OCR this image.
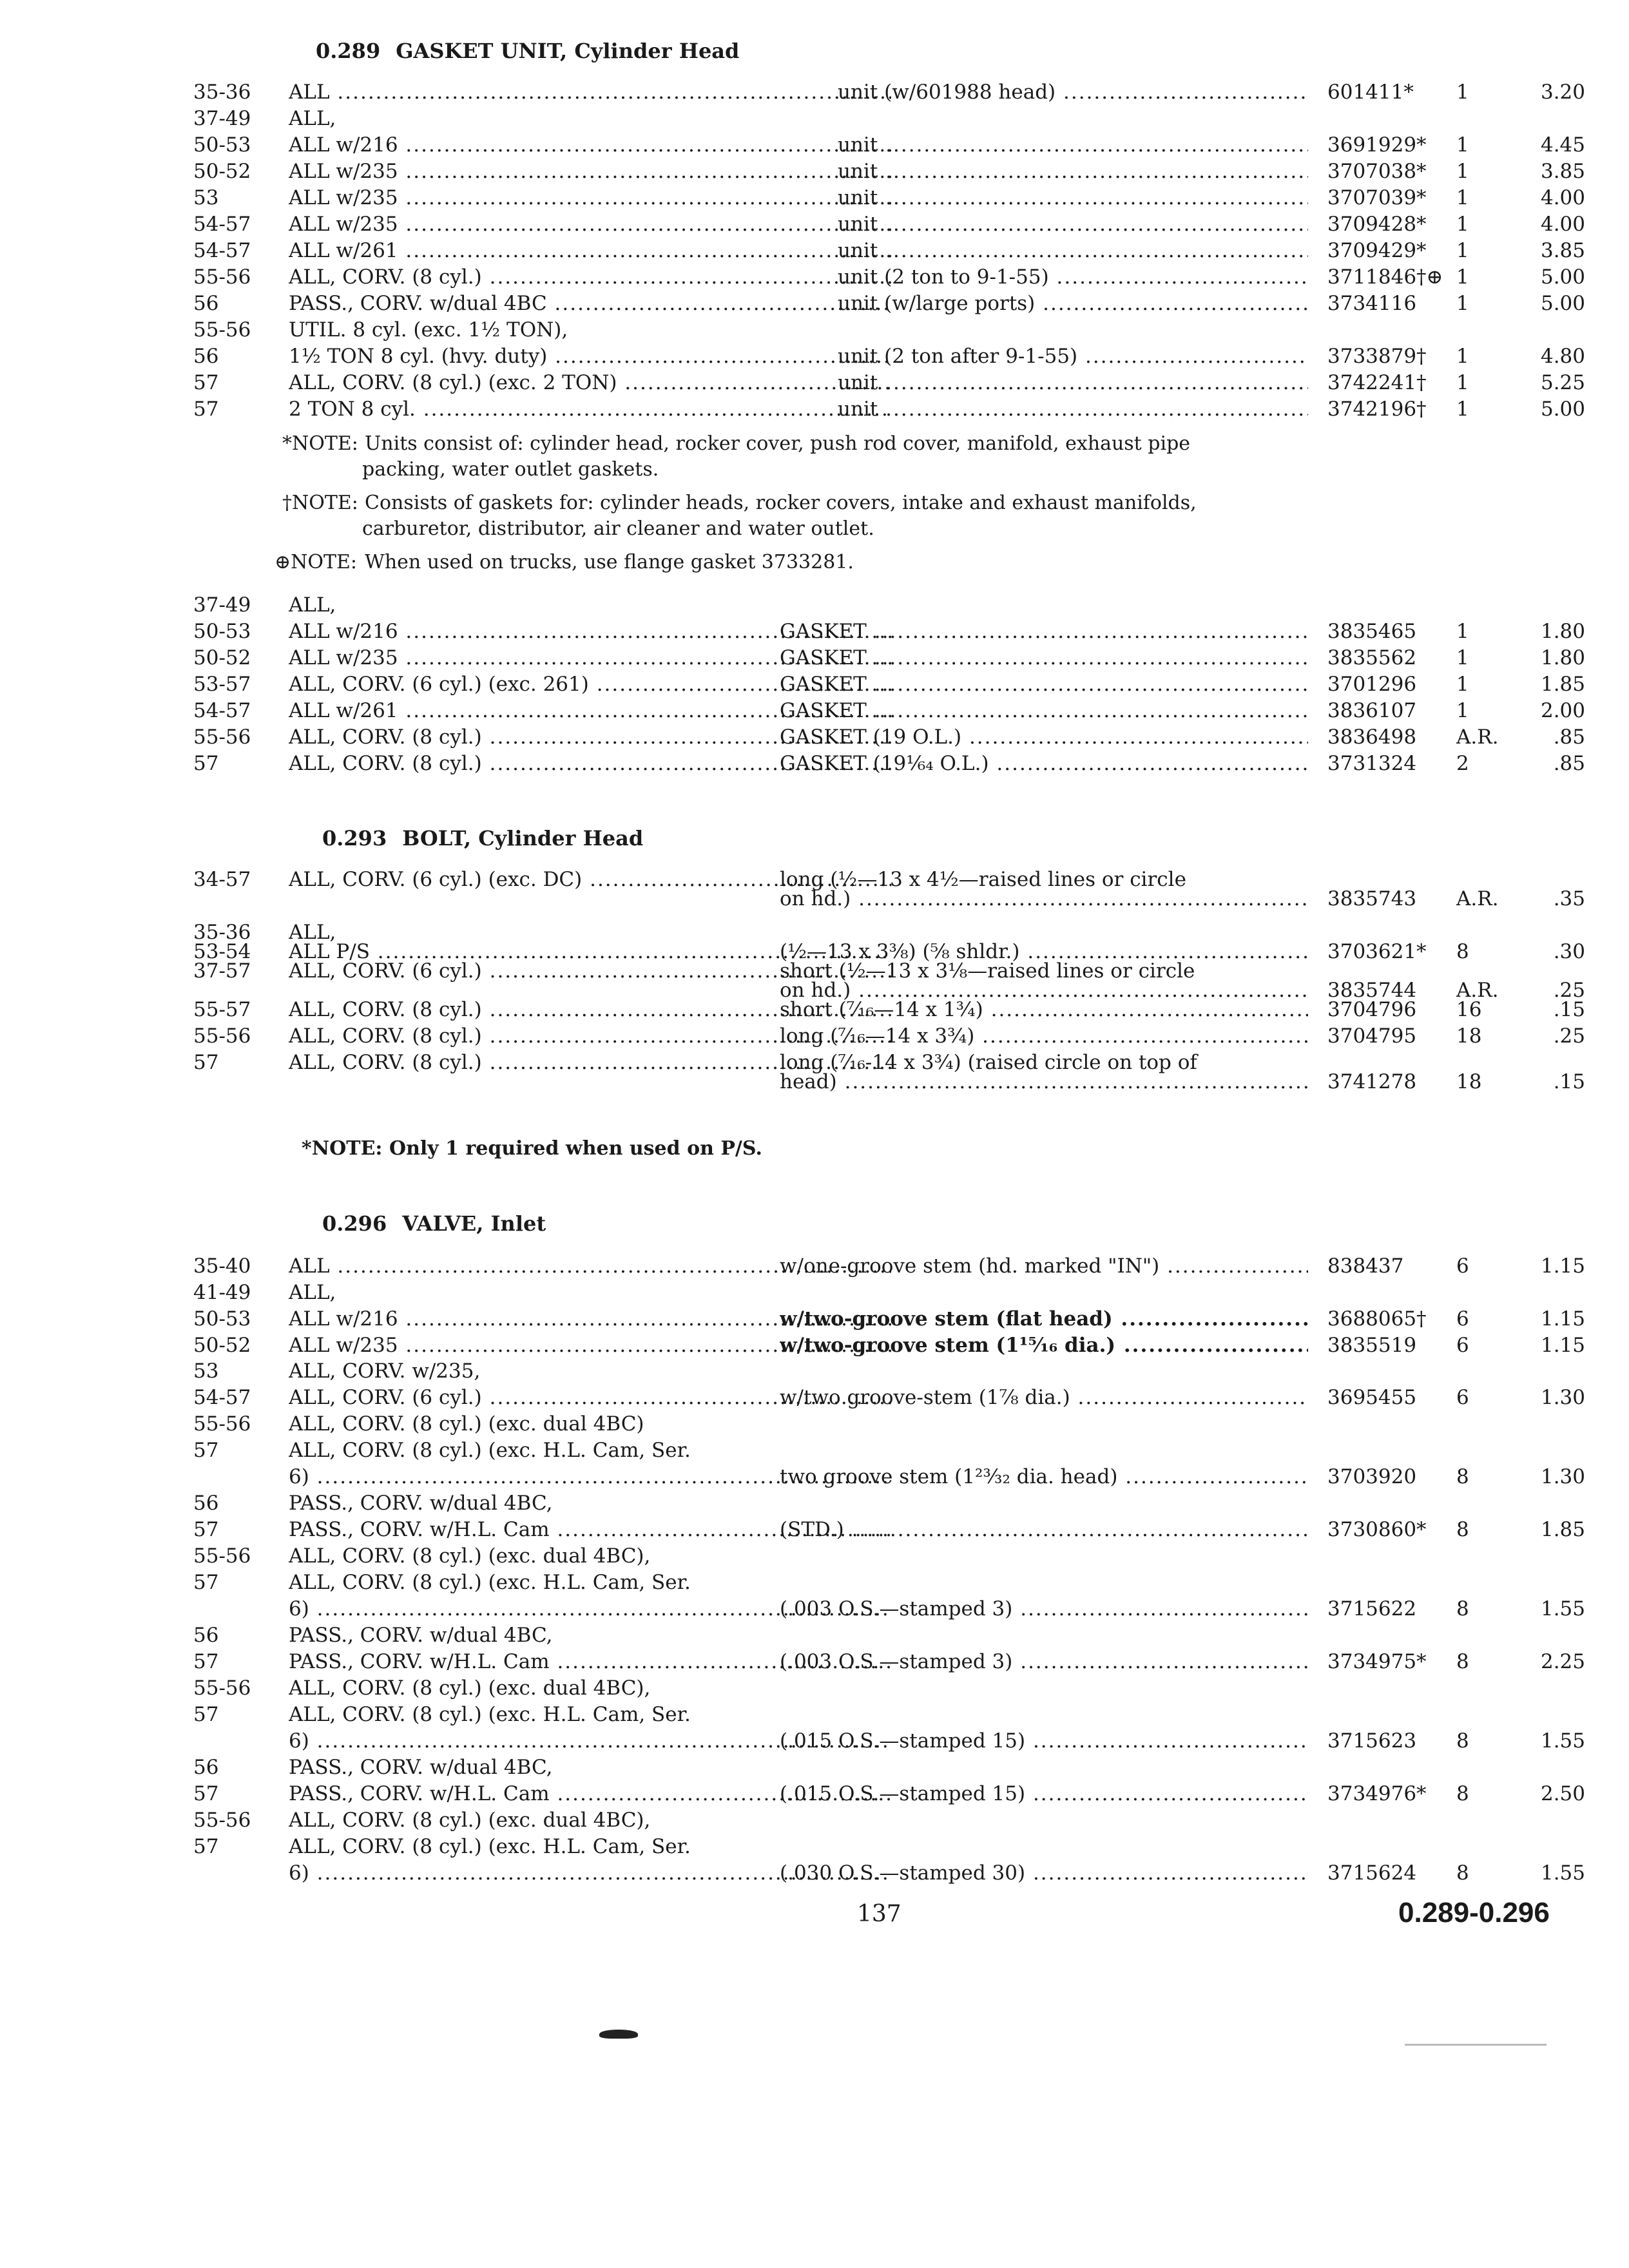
0.289 GASKET UNIT, Cylinder Head
35-36	ALL .....	unit (w/601988 head) .....	601411*	1	3.20
37-49	ALL,
50-53	ALL w/216 .....	unit .....	3691929*	1	4.45
50-52	ALL w/235 .....	unit .....	3707038*	1	3.85
53	ALL w/235 .....	unit .....	3707039*	1	4.00
54-57	ALL w/235 .....	unit .....	3709428*	1	4.00
54-57	ALL w/261 .....	unit .....	3709429*	1	3.85
55-56	ALL, CORV. (8 cyl.) .....	unit (2 ton to 9-1-55) .....	3711846†⊕ 1	5.00
56	PASS., CORV. w/dual 4BC .....	unit (w/large ports) .....	3734116	1	5.00
55-56	UTIL. 8 cyl. (exc. 1½ TON),
56	1½ TON 8 cyl. (hvy. duty) .....	unit (2 ton after 9-1-55) .....	3733879†	1	4.80
57	ALL, CORV. (8 cyl.) (exc. 2 TON) .....	unit .....	3742241†	1	5.25
57	2 TON 8 cyl. .....	unit .....	3742196†	1	5.00
*NOTE: Units consist of: cylinder head, rocker cover, push rod cover, manifold, exhaust pipe
packing, water outlet gaskets.
†NOTE: Consists of gaskets for: cylinder heads, rocker covers, intake and exhaust manifolds,
carburetor, distributor, air cleaner and water outlet.
⊕NOTE: When used on trucks, use flange gasket 3733281.
37-49	ALL,
50-53	ALL w/216 .....	GASKET .....	3835465	1	1.80
50-52	ALL w/235 .....	GASKET .....	3835562	1	1.80
53-57	ALL, CORV. (6 cyl.) (exc. 261) .....	GASKET .....	3701296	1	1.85
54-57	ALL w/261 .....	GASKET .....	3836107	1	2.00
55-56	ALL, CORV. (8 cyl.) .....	GASKET (19 O.L.) .....	3836498	A.R.	.85
57	ALL, CORV. (8 cyl.) .....	GASKET (19¹⁄₆₄ O.L.) .....	3731324	2	.85
0.293 BOLT, Cylinder Head
34-57	ALL, CORV. (6 cyl.) (exc. DC) .....	long (½—13 x 4½—raised lines or circle
on hd.) .....	3835743	A.R.	.35
35-36	ALL,
53-54	ALL P/S .....	(½—13 x 3⅜) (⅝ shldr.) .....	3703621*	8	.30
37-57	ALL, CORV. (6 cyl.) .....	short (½—13 x 3⅛—raised lines or circle
on hd.) .....	3835744	A.R.	.25
55-57	ALL, CORV. (8 cyl.) .....	short (⁷⁄₁₆—14 x 1¾) .....	3704796	16	.15
55-56	ALL, CORV. (8 cyl.) .....	long (⁷⁄₁₆—14 x 3¾) .....	3704795	18	.25
57	ALL, CORV. (8 cyl.) .....	long (⁷⁄₁₆-14 x 3¾) (raised circle on top of
head) .....	3741278	18	.15
*NOTE: Only 1 required when used on P/S.
0.296 VALVE, Inlet
35-40	ALL .....	w/one-groove stem (hd. marked "IN") .....	838437	6	1.15
41-49	ALL,
50-53	ALL w/216 .....	w/two-groove stem (flat head) .....	3688065†	6	1.15
50-52	ALL w/235 .....	w/two-groove stem (1¹⁵⁄₁₆ dia.) .....	3835519	6	1.15
53	ALL, CORV. w/235,
54-57	ALL, CORV. (6 cyl.) .....	w/two groove-stem (1⅞ dia.) .....	3695455	6	1.30
55-56	ALL, CORV. (8 cyl.) (exc. dual 4BC)
57	ALL, CORV. (8 cyl.) (exc. H.L. Cam, Ser.
6) .....	two groove stem (1²³⁄₃₂ dia. head) .....	3703920	8	1.30
56	PASS., CORV. w/dual 4BC,
57	PASS., CORV. w/H.L. Cam .....	(STD.) .....	3730860*	8	1.85
55-56	ALL, CORV. (8 cyl.) (exc. dual 4BC),
57	ALL, CORV. (8 cyl.) (exc. H.L. Cam, Ser.
6) .....	(.003 O.S.—stamped 3) .....	3715622	8	1.55
56	PASS., CORV. w/dual 4BC,
57	PASS., CORV. w/H.L. Cam .....	(.003 O.S.—stamped 3) .....	3734975*	8	2.25
55-56	ALL, CORV. (8 cyl.) (exc. dual 4BC),
57	ALL, CORV. (8 cyl.) (exc. H.L. Cam, Ser.
6) .....	(.015 O.S.—stamped 15) .....	3715623	8	1.55
56	PASS., CORV. w/dual 4BC,
57	PASS., CORV. w/H.L. Cam .....	(.015 O.S.—stamped 15) .....	3734976*	8	2.50
55-56	ALL, CORV. (8 cyl.) (exc. dual 4BC),
57	ALL, CORV. (8 cyl.) (exc. H.L. Cam, Ser.
6) .....	(.030 O.S.—stamped 30) .....	3715624	8	1.55
137	0.289-0.296
